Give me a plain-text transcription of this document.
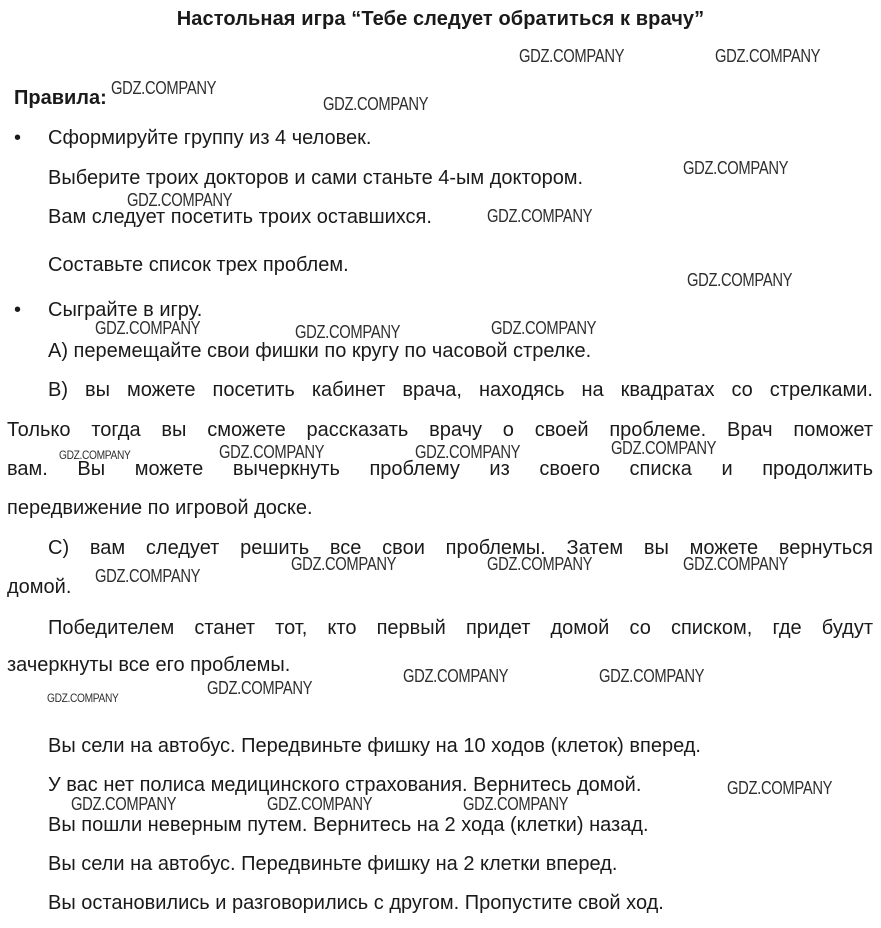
Настольная игра “Тебе следует обратиться к врачу”
Правила:
• Сформируйте группу из 4 человек.
Выберите троих докторов и сами станьте 4-ым доктором.
Вам следует посетить троих оставшихся.
Составьте список трех проблем.
• Сыграйте в игру.
А) перемещайте свои фишки по кругу по часовой стрелке.
В) вы можете посетить кабинет врача, находясь на квадратах со стрелками.
Только тогда вы сможете рассказать врачу о своей проблеме. Врач поможет
вам. Вы можете вычеркнуть проблему из своего списка и продолжить
передвижение по игровой доске.
С) вам следует решить все свои проблемы. Затем вы можете вернуться
домой.
Победителем станет тот, кто первый придет домой со списком, где будут
зачеркнуты все его проблемы.
Вы сели на автобус. Передвиньте фишку на 10 ходов (клеток) вперед.
У вас нет полиса медицинского страхования. Вернитесь домой.
Вы пошли неверным путем. Вернитесь на 2 хода (клетки) назад.
Вы сели на автобус. Передвиньте фишку на 2 клетки вперед.
Вы остановились и разговорились с другом. Пропустите свой ход.
GDZ.COMPANY	GDZ.COMPANY
GDZ.COMPANY
GDZ.COMPANY
GDZ.COMPANY
GDZ.COMPANY
GDZ.COMPANY
GDZ.COMPANY
GDZ.COMPANY	GDZ.COMPANY
GDZ.COMPANY
GDZ.COMPANY
GDZ.COMPANY	GDZ.COMPANY
GDZ.COMPANY
GDZ.COMPANY	GDZ.COMPANY	GDZ.COMPANY
GDZ.COMPANY
GDZ.COMPANY	GDZ.COMPANY
GDZ.COMPANY
GDZ.COMPANY
GDZ.COMPANY
GDZ.COMPANY	GDZ.COMPANY	GDZ.COMPANY
